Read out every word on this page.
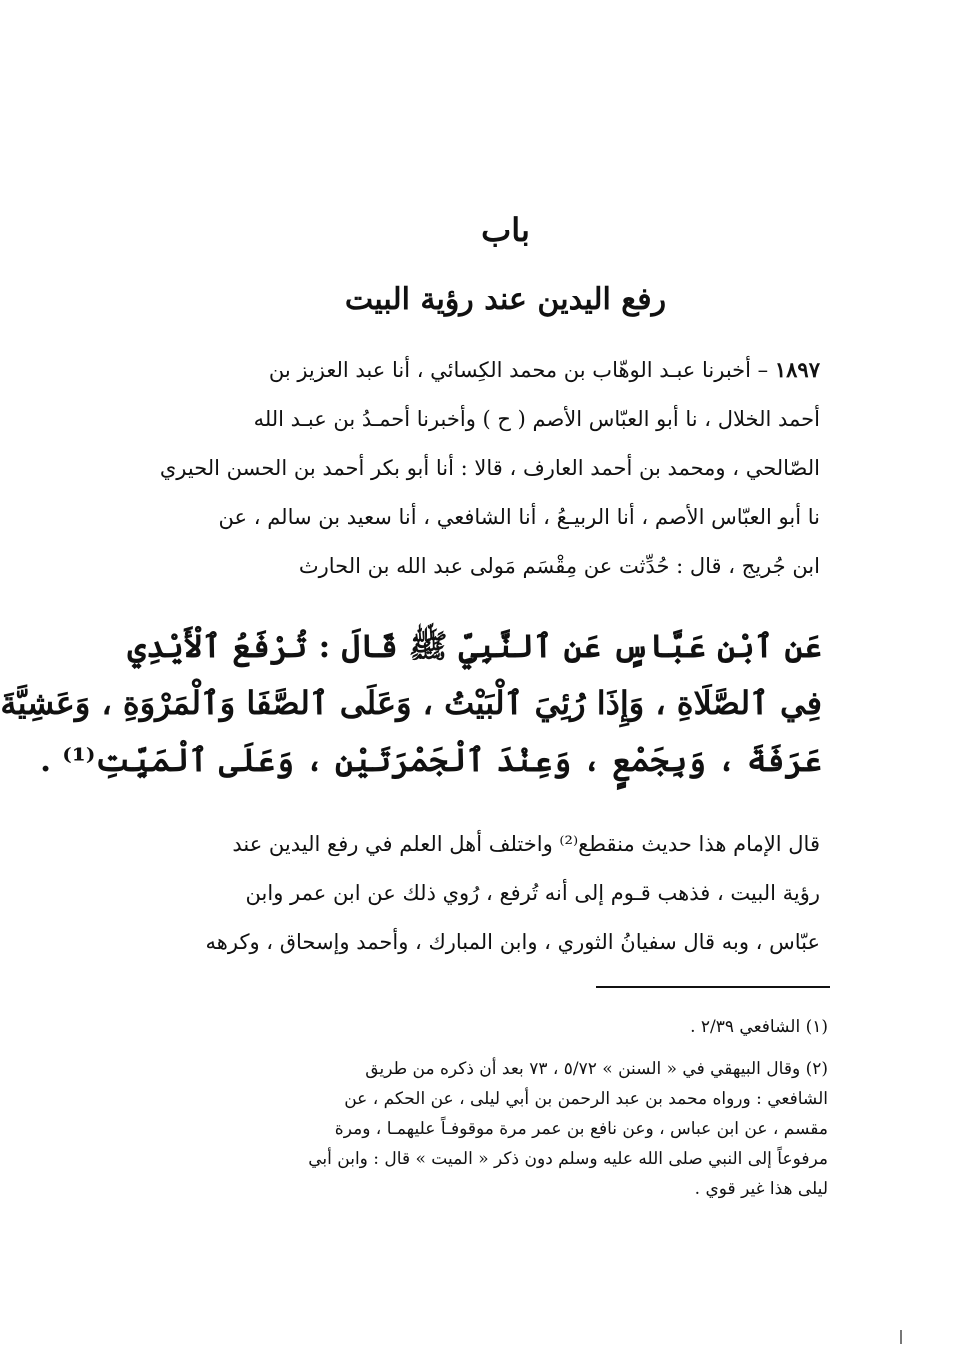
باب
رفع اليدين عند رؤية البيت
١٨٩٧ – أخبرنا عبـد الوهّاب بن محمد الكِسائي ، أنا عبد العزيز بن
أحمد الخلال ، نا أبو العبّاس الأصم ( ح ) وأخبرنا أحمـدُ بن عبـد الله
الصّالحي ، ومحمد بن أحمد العارف ، قالا : أنا أبو بكر أحمد بن الحسن الحيري
نا أبو العبّاس الأصم ، أنا الربيـعُ ، أنا الشافعي ، أنا سعيد بن سالم ، عن
ابن جُريج ، قال : حُدِّثت عن مِقْسَم مَولى عبد الله بن الحارث
عَنِ ٱبْنِ عَبَّاسٍ عَنِ ٱلنَّبِيِّ ﷺ قَالَ : تُرْفَعُ ٱلْأَيْدِي
فِي ٱلصَّلَاةِ ، وَإِذَا رُئِيَ ٱلْبَيْتُ ، وَعَلَى ٱلصَّفَا وَٱلْمَرْوَةِ ، وَعَشِيَّةَ
عَرَفَةَ ، وَبِجَمْعٍ ، وَعِنْدَ ٱلْجَمْرَتَيْنِ ، وَعَلَى ٱلْمَيِّتِ⁽¹⁾ .
قال الإمام هذا حديث منقطع⁽²⁾ واختلف أهل العلم في رفع اليدين عند
رؤية البيت ، فذهب قـوم إلى أنه تُرفع ، رُوي ذلك عن ابن عمر وابن
عبّاس ، وبه قال سفيانُ الثوري ، وابن المبارك ، وأحمد وإسحاق ، وكرهه
(١) الشافعي ٢/٣٩ .
(٢) وقال البيهقي في « السنن » ٥/٧٢ ، ٧٣ بعد أن ذكره من طريق
الشافعي : ورواه محمد بن عبد الرحمن بن أبي ليلى ، عن الحكم ، عن
مقسم ، عن ابن عباس ، وعن نافع بن عمر مرة موقوفـاً عليهمـا ، ومرة
مرفوعاً إلى النبي صلى الله عليه وسلم دون ذكر « الميت » قال : وابن أبي
ليلى هذا غير قوي .
